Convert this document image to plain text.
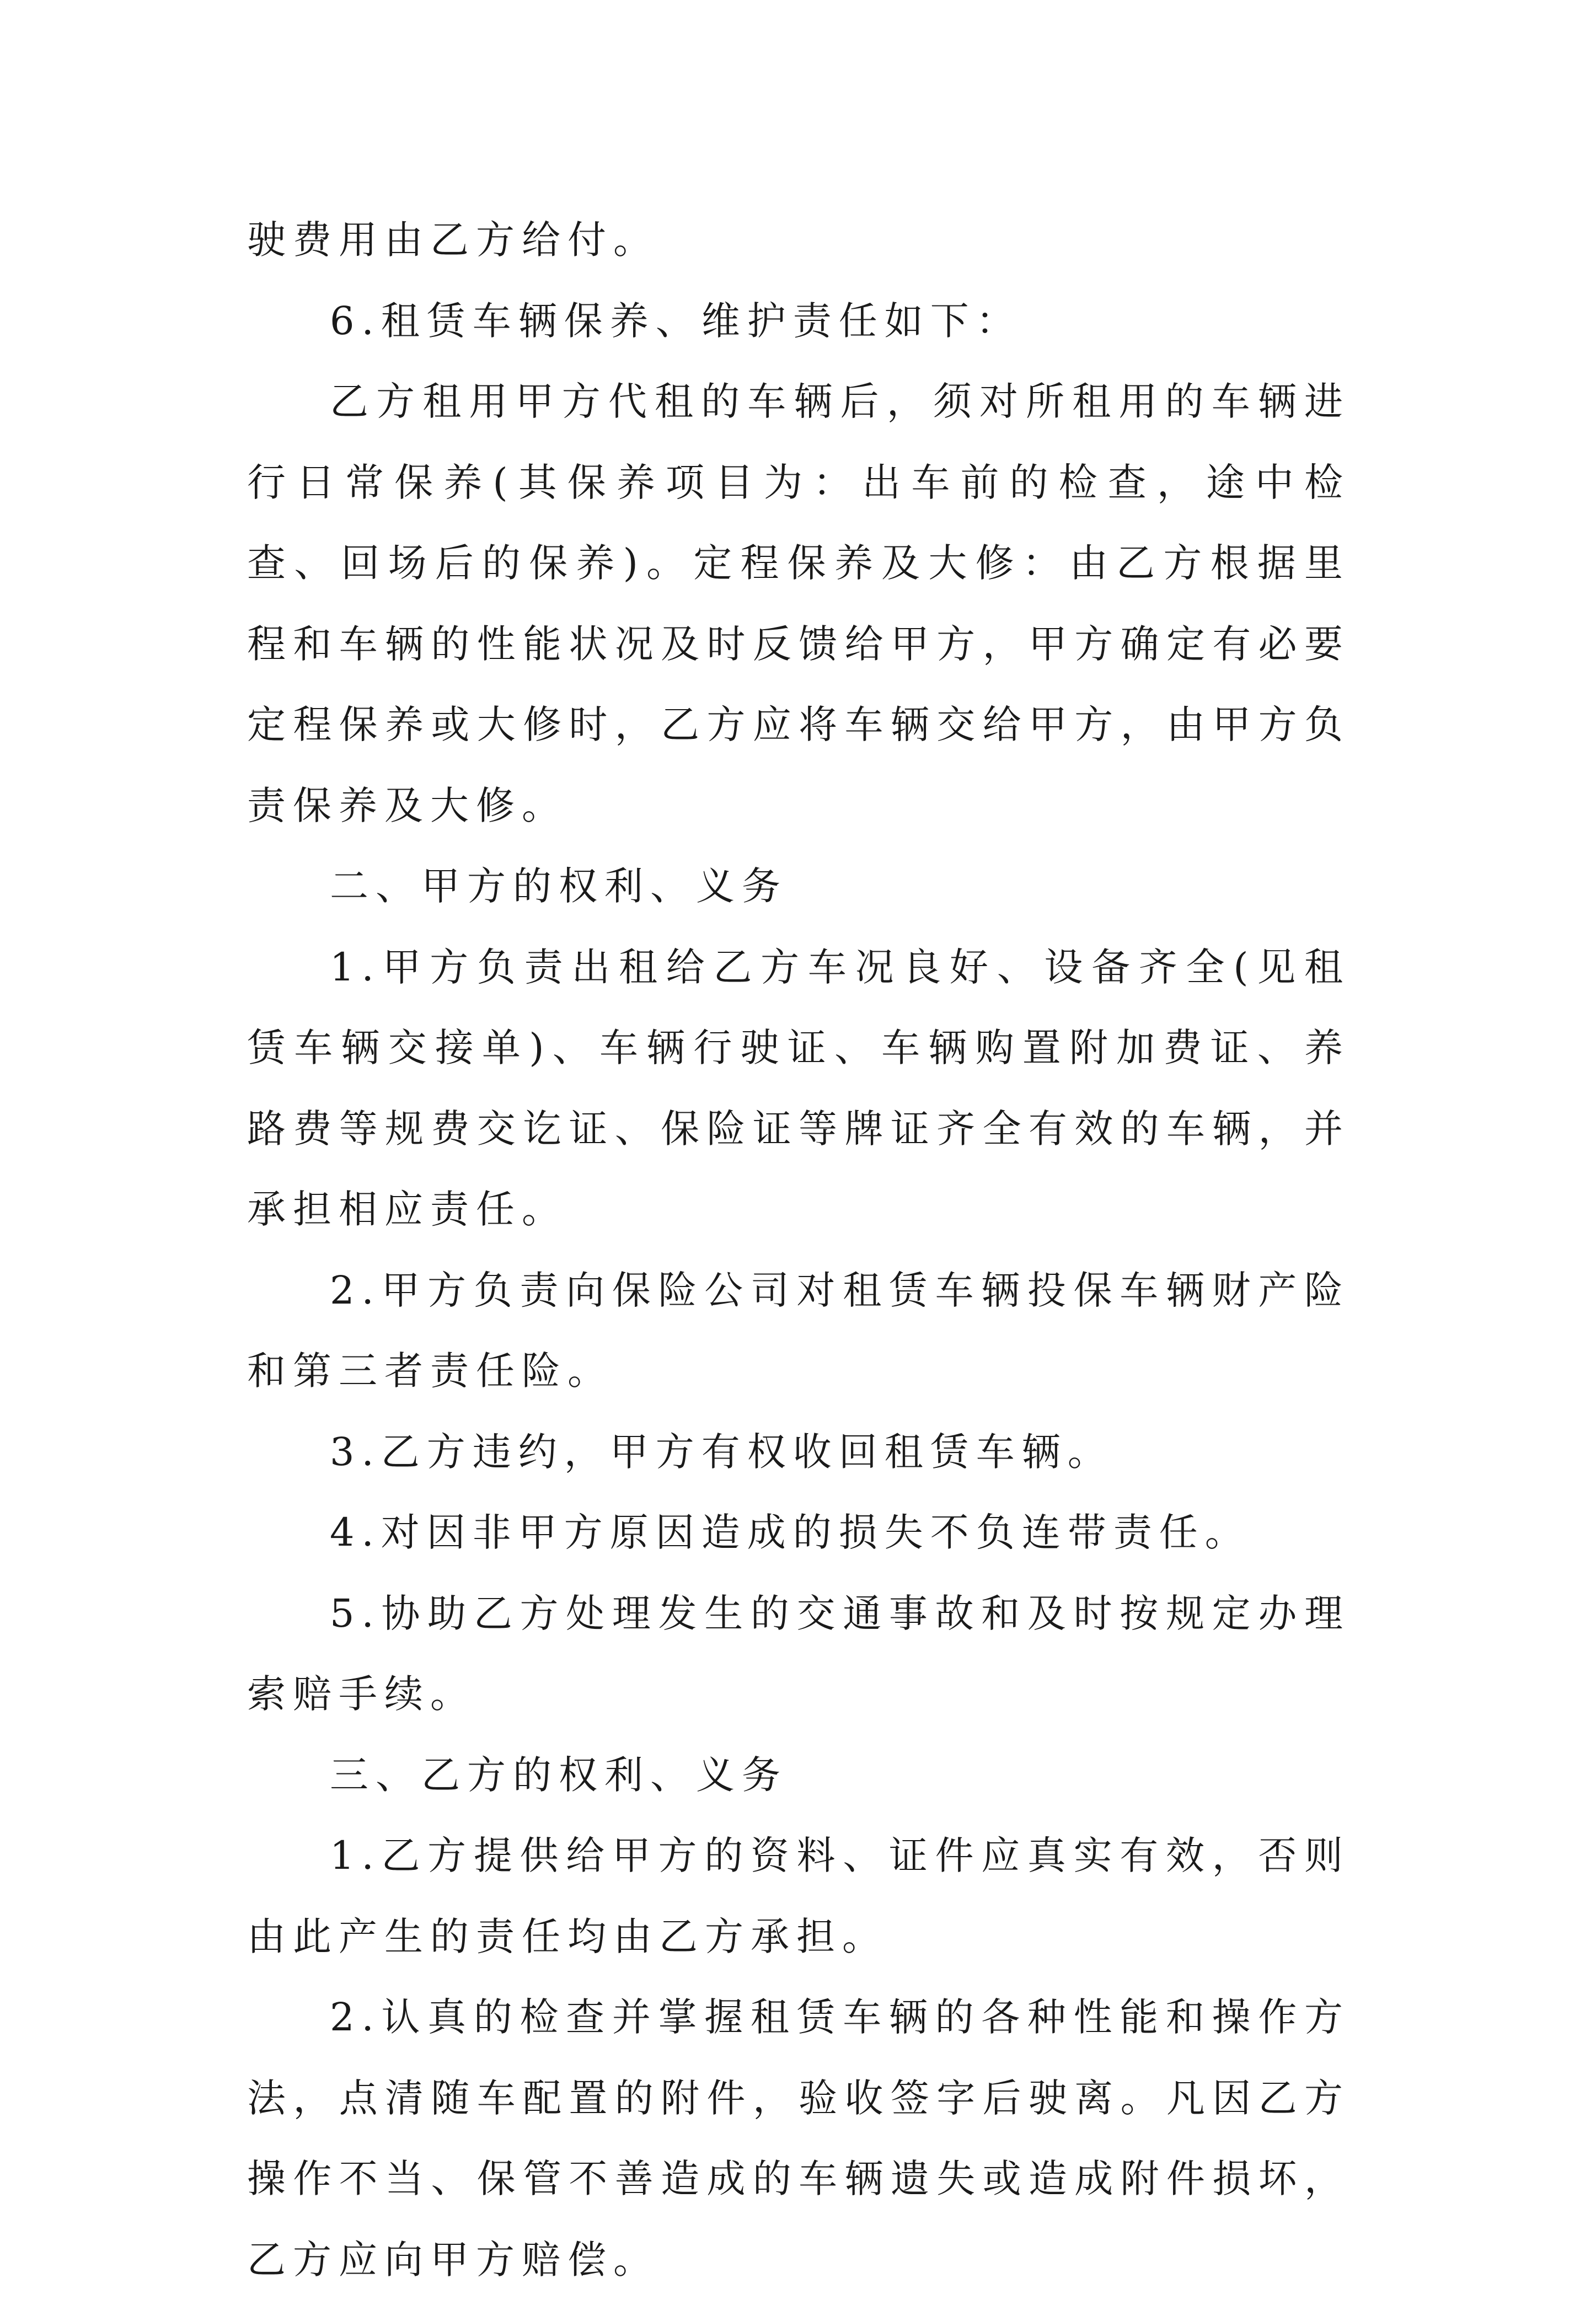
驶费用由乙方给付。

6.租赁车辆保养、维护责任如下：

乙方租用甲方代租的车辆后，须对所租用的车辆进行日常保养(其保养项目为：出车前的检查，途中检查、回场后的保养)。定程保养及大修：由乙方根据里程和车辆的性能状况及时反馈给甲方，甲方确定有必要定程保养或大修时，乙方应将车辆交给甲方，由甲方负责保养及大修。

二、甲方的权利、义务

1.甲方负责出租给乙方车况良好、设备齐全(见租赁车辆交接单)、车辆行驶证、车辆购置附加费证、养路费等规费交讫证、保险证等牌证齐全有效的车辆，并承担相应责任。

2.甲方负责向保险公司对租赁车辆投保车辆财产险和第三者责任险。

3.乙方违约，甲方有权收回租赁车辆。

4.对因非甲方原因造成的损失不负连带责任。

5.协助乙方处理发生的交通事故和及时按规定办理索赔手续。

三、乙方的权利、义务

1.乙方提供给甲方的资料、证件应真实有效，否则由此产生的责任均由乙方承担。

2.认真的检查并掌握租赁车辆的各种性能和操作方法，点清随车配置的附件，验收签字后驶离。凡因乙方操作不当、保管不善造成的车辆遗失或造成附件损坏，乙方应向甲方赔偿。
